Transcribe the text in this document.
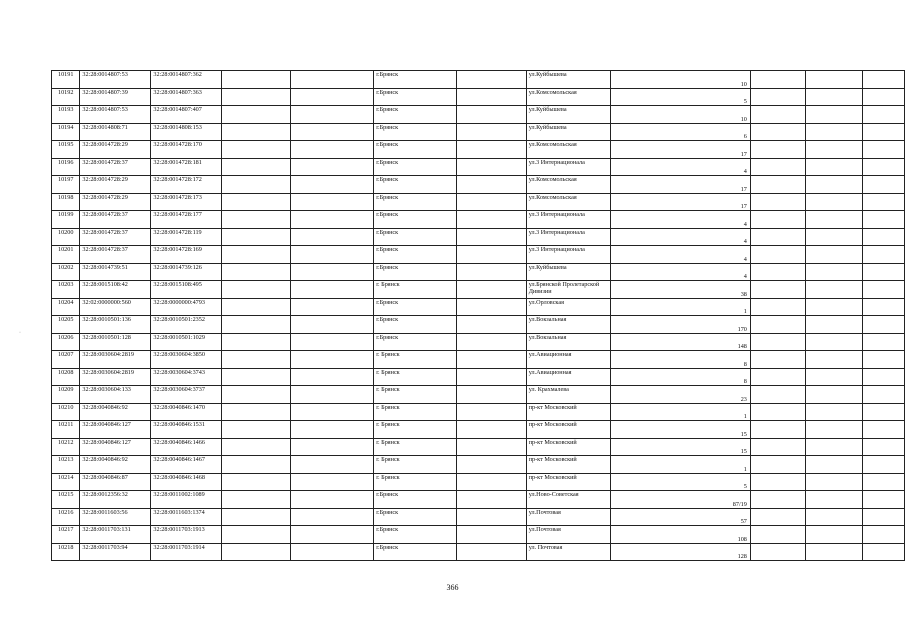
10191	32:28:0014807:53	32:28:0014807:362			г.Брянск		ул.Куйбышева	10			
10192	32:28:0014807:39	32:28:0014807:363			г.Брянск		ул.Комсомольская	5			
10193	32:28:0014807:53	32:28:0014807:407			г.Брянск		ул.Куйбышева	10			
10194	32:28:0014808:71	32:28:0014808:153			г.Брянск		ул.Куйбышева	6			
10195	32:28:0014728:29	32:28:0014728:170			г.Брянск		ул.Комсомольская	17			
10196	32:28:0014728:37	32:28:0014728:181			г.Брянск		ул.3 Интернационала	4			
10197	32:28:0014728:29	32:28:0014728:172			г.Брянск		ул.Комсомольская	17			
10198	32:28:0014728:29	32:28:0014728:173			г.Брянск		ул.Комсомольская	17			
10199	32:28:0014728:37	32:28:0014728:177			г.Брянск		ул.3 Интернационала	4			
10200	32:28:0014728:37	32:28:0014728:119			г.Брянск		ул.3 Интернационала	4			
10201	32:28:0014728:37	32:28:0014728:169			г.Брянск		ул.3 Интернационала	4			
10202	32:28:0014739:51	32:28:0014739:126			г.Брянск		ул.Куйбышева	4			
10203	32:28:0015108:42	32:28:0015108:495			г. Брянск		ул.Брянской Пролетарской Дивизии	38			
10204	32:02:0000000:560	32:28:0000000:4793			г.Брянск		ул.Орловская	1			
10205	32:28:0010501:136	32:28:0010501:2352			г.Брянск		ул.Вокзальная	170			
10206	32:28:0010501:128	32:28:0010501:1029			г.Брянск		ул.Вокзальная	148			
10207	32:28:0030604:2819	32:28:0030604:3850			г. Брянск		ул.Авиационная	8			
10208	32:28:0030604:2819	32:28:0030604:3743			г. Брянск		ул.Авиационная	8			
10209	32:28:0030604:133	32:28:0030604:3737			г. Брянск		ул. Крахмалева	23			
10210	32:28:0040846:92	32:28:0040846:1470			г. Брянск		пр-кт Московский	1			
10211	32:28:0040846:127	32:28:0040846:1531			г. Брянск		пр-кт Московский	15			
10212	32:28:0040846:127	32:28:0040846:1466			г. Брянск		пр-кт Московский	15			
10213	32:28:0040846:92	32:28:0040846:1467			г. Брянск		пр-кт Московский	1			
10214	32:28:0040846:87	32:28:0040846:1468			г. Брянск		пр-кт Московский	5			
10215	32:28:0012356:32	32:28:0011002:1089			г.Брянск		ул.Ново-Советская	87/19			
10216	32:28:0011603:56	32:28:0011603:1374			г.Брянск		ул.Почтовая	57			
10217	32:28:0011703:131	32:28:0011703:1913			г.Брянск		ул.Почтовая	108			
10218	32:28:0011703:94	32:28:0011703:1914			г.Брянск		ул. Почтовая	128			
366
·
